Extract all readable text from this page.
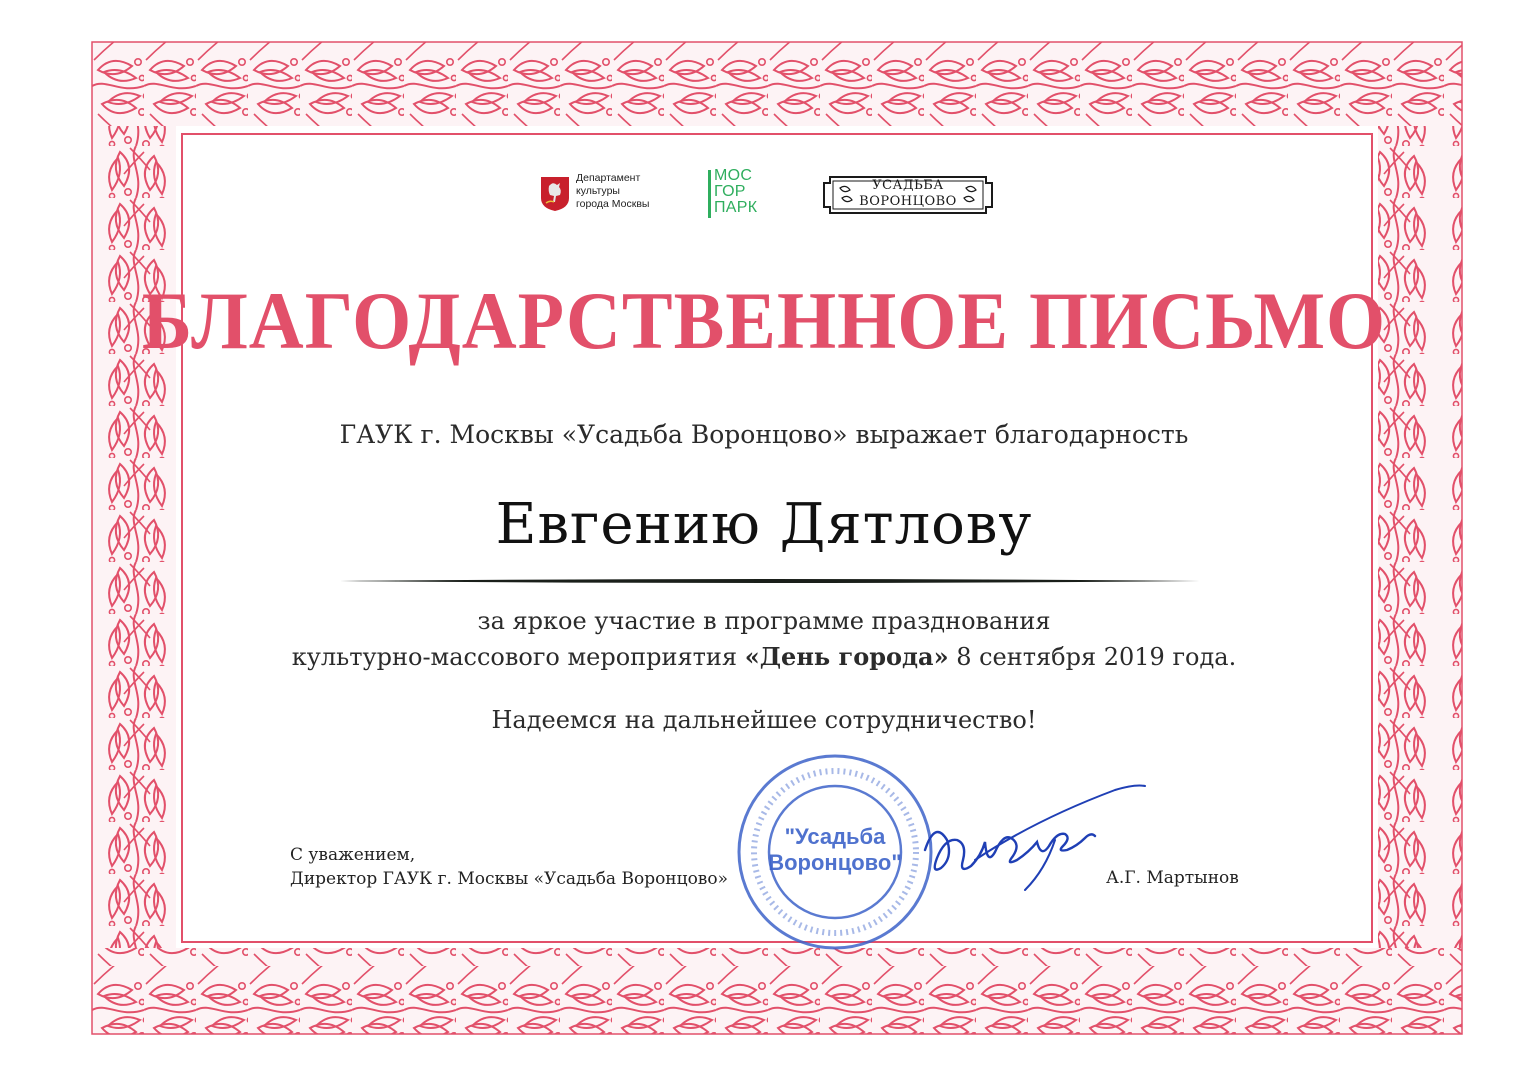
Департамент
культуры
города Москвы
МОС
ГОР
ПАРК
УСАДЬБА
ВОРОНЦОВО
БЛАГОДАРСТВЕННОЕ ПИСЬМО
ГАУК г. Москвы «Усадьба Воронцово» выражает благодарность
Евгению Дятлову
за яркое участие в программе празднования
культурно-массового мероприятия «День города» 8 сентября 2019 года.
Надеемся на дальнейшее сотрудничество!
С уважением,
Директор ГАУК г. Москвы «Усадьба Воронцово»	А.Г. Мартынов
"Усадьба
Воронцово"
